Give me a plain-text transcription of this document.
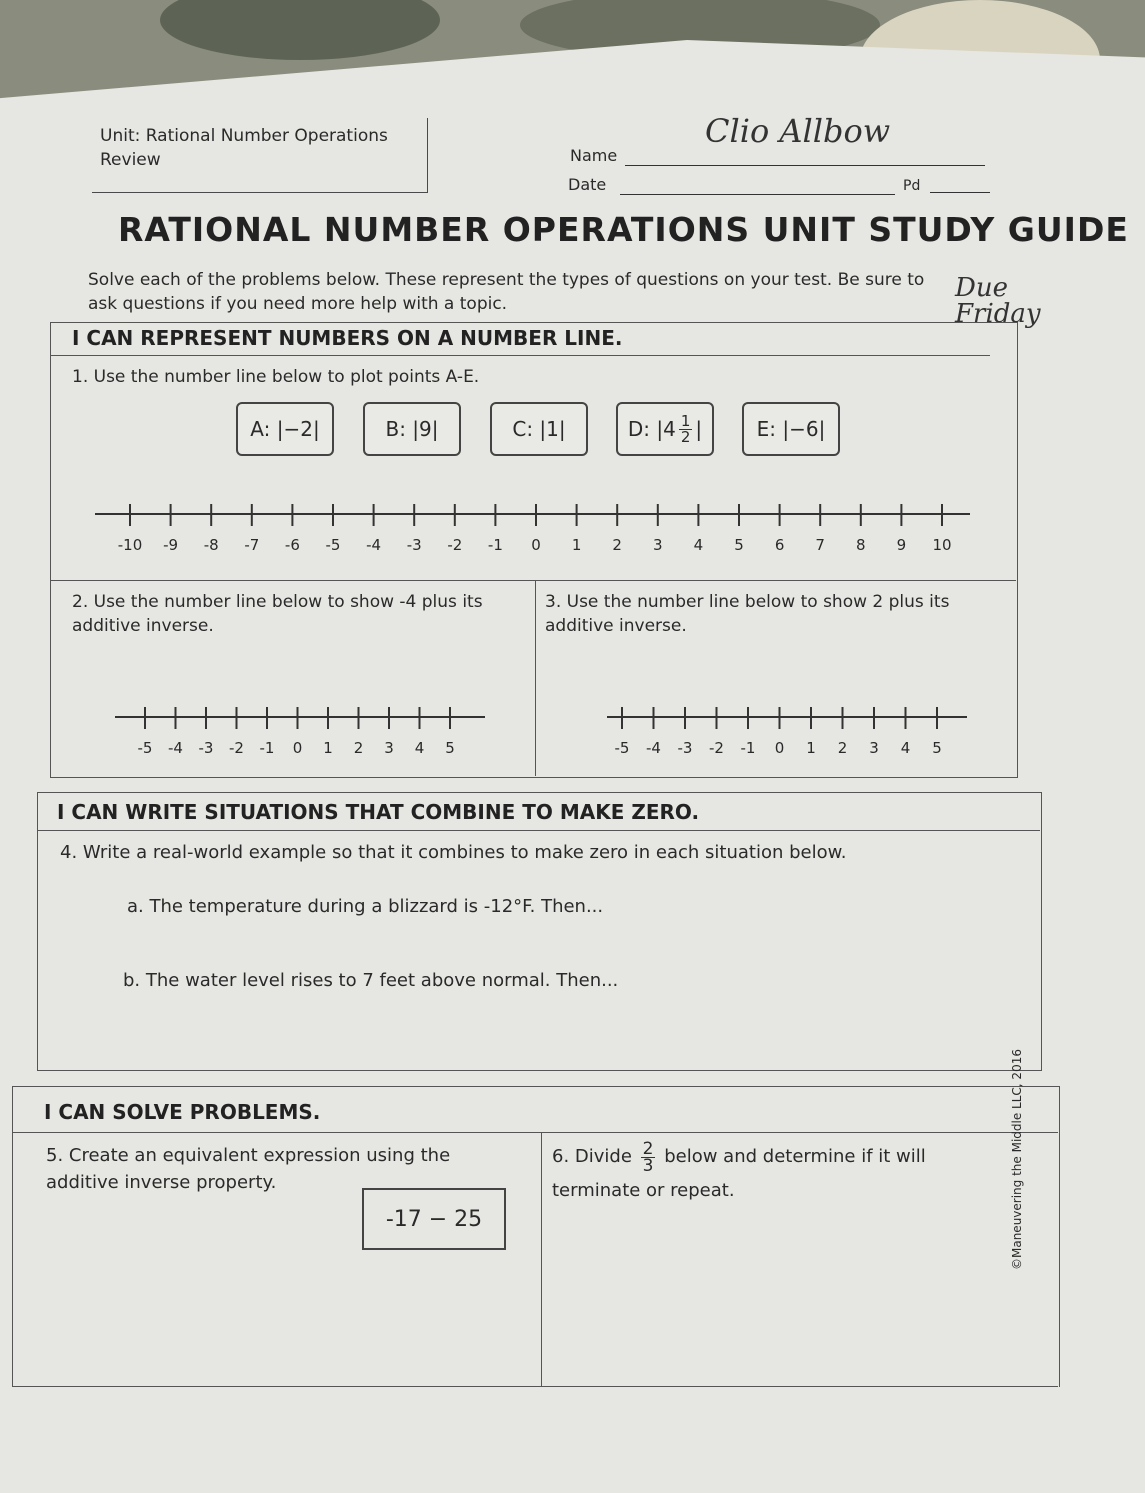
Unit: Rational Number Operations
Review	Name
Clio Allbow
Date	Pd
RATIONAL NUMBER OPERATIONS UNIT STUDY GUIDE
Solve each of the problems below. These represent the types of questions on your test. Be sure to ask questions if you need more help with a topic.
Due Friday
I CAN REPRESENT NUMBERS ON A NUMBER LINE.
1. Use the number line below to plot points A-E.
A: |−2|	B: |9|	C: |1|	D: $|4 \frac{1}{2}$ |	E: |−6|
-10 -9 -8 -7 -6 -5 -4 -3 -2 -1 0 1 2 3 4 5 6 7 8 9 10
2. Use the number line below to show -4 plus its additive inverse.
3. Use the number line below to show 2 plus its additive inverse.
-5 -4 -3 -2 -1 0 1 2 3 4 5	-5 -4 -3 -2 -1 0 1 2 3 4 5
I CAN WRITE SITUATIONS THAT COMBINE TO MAKE ZERO.
4. Write a real-world example so that it combines to make zero in each situation below.
a. The temperature during a blizzard is -12°F. Then...
b. The water level rises to 7 feet above normal. Then...
I CAN SOLVE PROBLEMS.
5. Create an equivalent expression using the additive inverse property.
-17 − 25
6. Divide $\frac{2}{3}$ below and determine if it will terminate or repeat.	©Maneuvering the Middle LLC, 2016
